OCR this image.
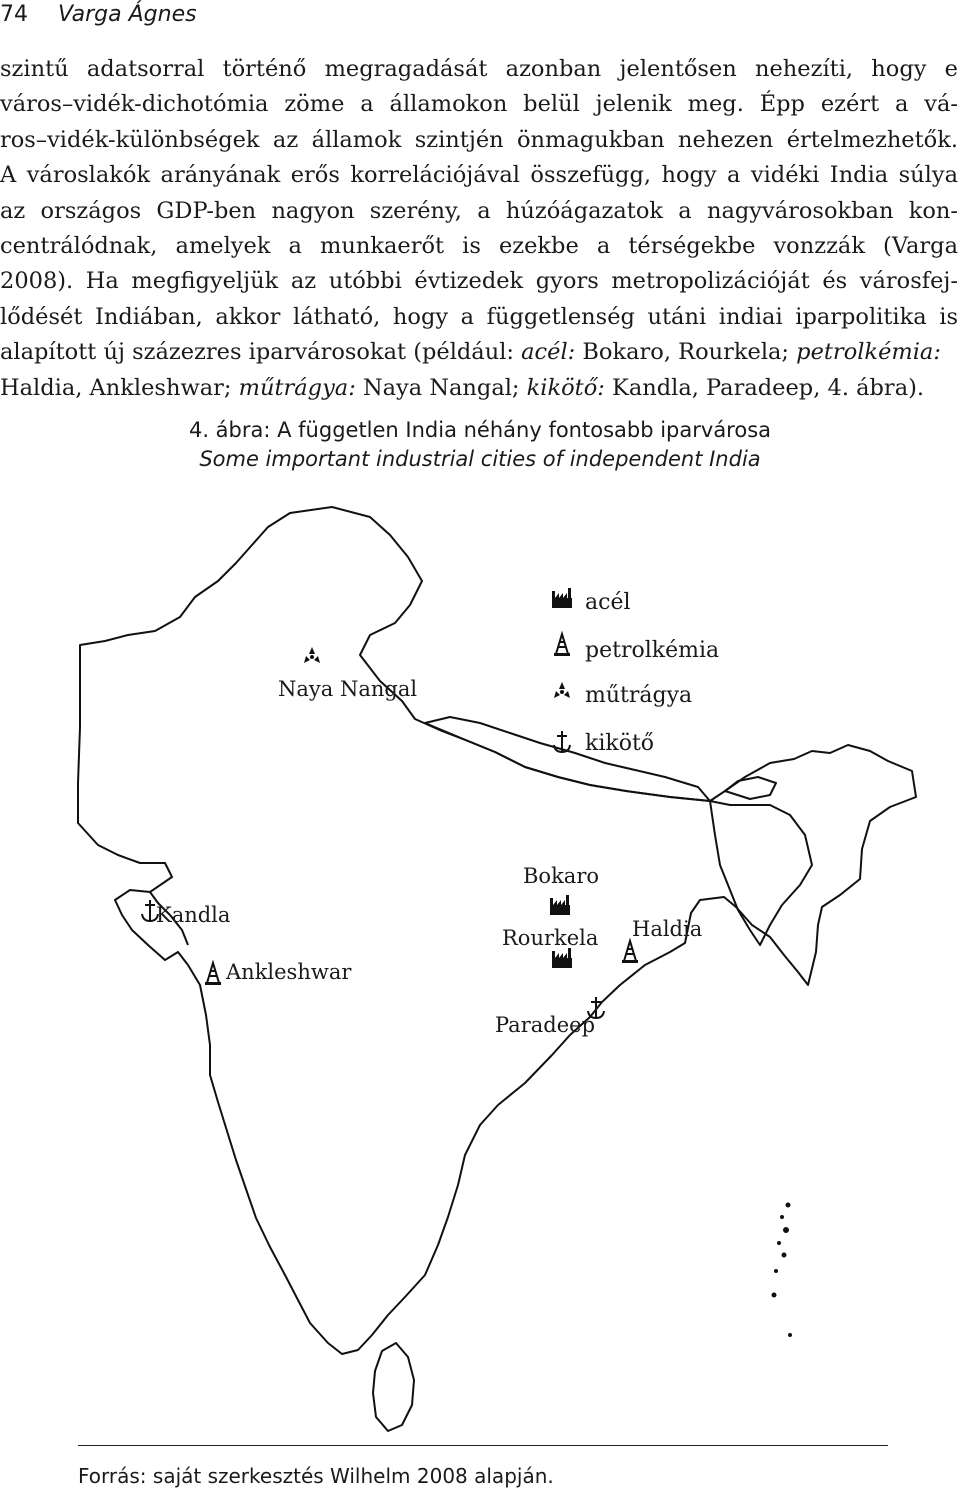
74 Varga Ágnes
szintű adatsorral történő megragadását azonban jelentősen nehezíti, hogy e
város–vidék-dichotómia zöme a államokon belül jelenik meg. Épp ezért a vá-
ros–vidék-különbségek az államok szintjén önmagukban nehezen értelmezhetők.
A városlakók arányának erős korrelációjával összefügg, hogy a vidéki India súlya
az országos GDP-ben nagyon szerény, a húzóágazatok a nagyvárosokban kon-
centrálódnak, amelyek a munkaerőt is ezekbe a térségekbe vonzzák (Varga
2008). Ha megfigyeljük az utóbbi évtizedek gyors metropolizációját és városfej-
lődését Indiában, akkor látható, hogy a függetlenség utáni indiai iparpolitika is
alapított új százezres iparvárosokat (például: acél: Bokaro, Rourkela; petrolkémia:
Haldia, Ankleshwar; műtrágya: Naya Nangal; kikötő: Kandla, Paradeep, 4. ábra).
4. ábra: A független India néhány fontosabb iparvárosa
Some important industrial cities of independent India
acél
petrolkémia
műtrágya
kikötő
Naya Nangal
Kandla
Ankleshwar
Bokaro
Rourkela Haldia
Paradeep
Forrás: saját szerkesztés Wilhelm 2008 alapján.
